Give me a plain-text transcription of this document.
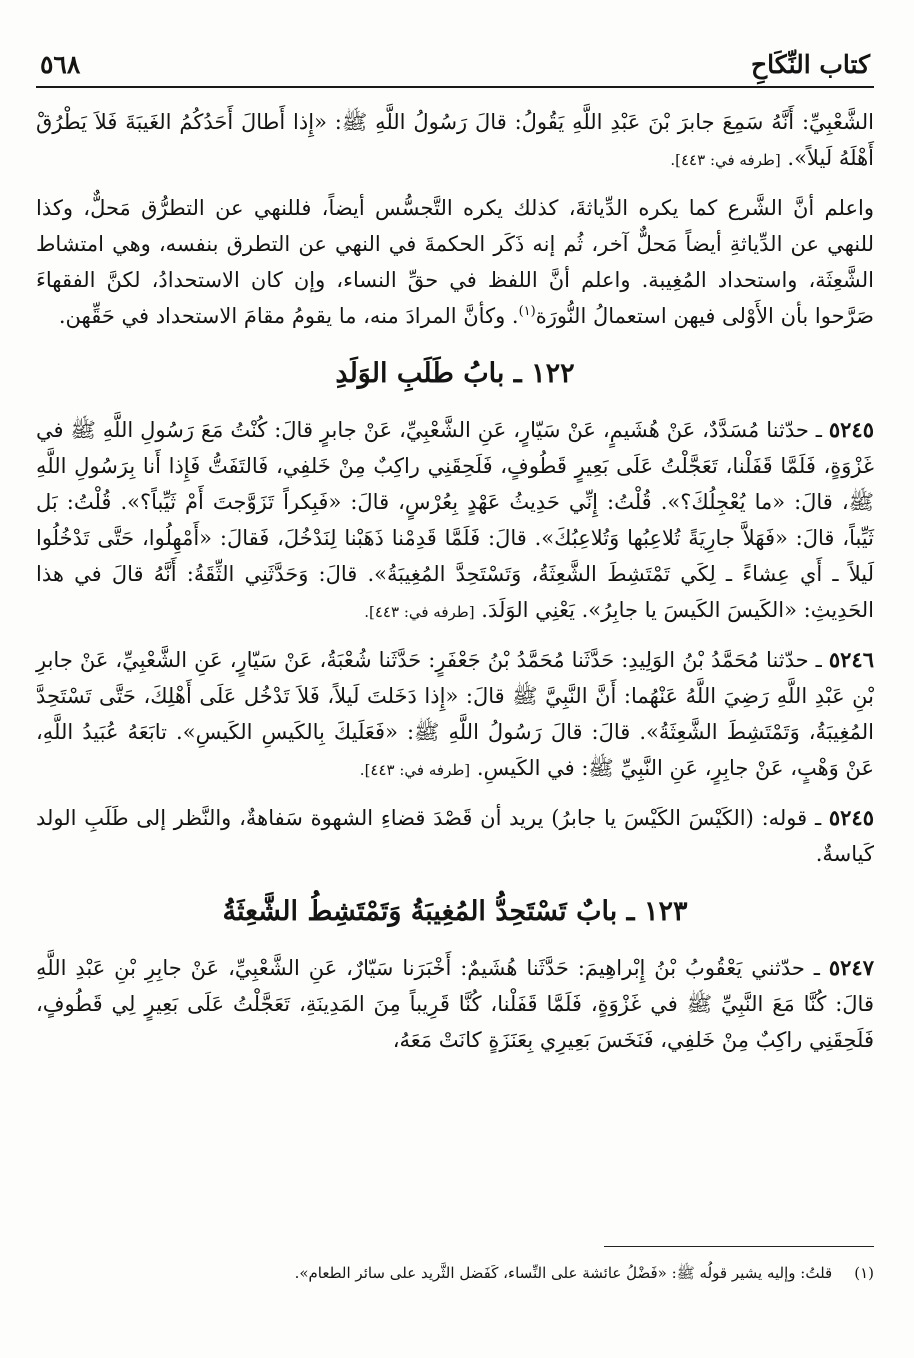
كتاب النِّكَاحِ
٥٦٨

الشَّعْبِيِّ: أَنَّهُ سَمِعَ جابرَ بْنَ عَبْدِ اللَّهِ يَقُولُ: قالَ رَسُولُ اللَّهِ ﷺ: «إِذا أَطالَ أَحَدُكُمُ الغَيبَةَ فَلاَ يَطْرُقْ أَهْلَهُ لَيلاً». [طرفه في: ٤٤٣].

واعلم أنَّ الشَّرع كما يكره الدِّياثةَ، كذلك يكره التَّجسُّس أيضاً، فللنهي عن التطرُّق مَحلٌّ، وكذا للنهي عن الدِّياثةِ أيضاً مَحلٌّ آخر، ثُم إنه ذَكَر الحكمةَ في النهي عن التطرق بنفسه، وهي امتشاط الشَّعِثَة، واستحداد المُغِيبة. واعلم أنَّ اللفظ في حقِّ النساء، وإن كان الاستحدادُ، لكنَّ الفقهاءَ صَرَّحوا بأن الأَوْلى فيهن استعمالُ النُّورَة$^{(١)}$. وكأنَّ المرادَ منه، ما يقومُ مقامَ الاستحداد في حَقِّهن.

١٢٢ ـ بابُ طَلَبِ الوَلَدِ

٥٢٤٥ ـ حدّثنا مُسَدَّدٌ، عَنْ هُشَيمٍ، عَنْ سَيّارٍ، عَنِ الشَّعْبِيِّ، عَنْ جابرٍ قالَ: كُنْتُ مَعَ رَسُولِ اللَّهِ ﷺ في غَزْوَةٍ، فَلَمَّا قَفَلْنا، تَعَجَّلْتُ عَلَى بَعِيرٍ قَطُوفٍ، فَلَحِقَنِي راكِبٌ مِنْ خَلفِي، فَالتَفَتُّ فَإِذا أَنا بِرَسُولِ اللَّهِ ﷺ، قالَ: «ما يُعْجِلُكَ؟». قُلْتُ: إِنِّي حَدِيثُ عَهْدٍ بِعُرْسٍ، قالَ: «فَبِكراً تَزَوَّجتَ أَمْ ثَيِّباً؟». قُلْتُ: بَل ثَيِّباً، قالَ: «فَهَلاَّ جارِيَةً تُلاعِبُها وَتُلاعِبُكَ». قالَ: فَلَمَّا قَدِمْنا ذَهَبْنا لِنَدْخُلَ، فَقالَ: «أَمْهِلُوا، حَتَّى تَدْخُلُوا لَيلاً ـ أَي عِشاءً ـ لِكَي تَمْتَشِطَ الشَّعِثَةُ، وَتَسْتَحِدَّ المُغِيبَةُ». قالَ: وَحَدَّثَنِي الثِّقَةُ: أَنَّهُ قالَ في هذا الحَدِيثِ: «الكَيسَ الكَيسَ يا جابِرُ». يَعْنِي الوَلَدَ. [طرفه في: ٤٤٣].

٥٢٤٦ ـ حدّثنا مُحَمَّدُ بْنُ الوَلِيدِ: حَدَّثَنا مُحَمَّدُ بْنُ جَعْفَرٍ: حَدَّثَنا شُعْبَةُ، عَنْ سَيّارٍ، عَنِ الشَّعْبِيِّ، عَنْ جابرِ بْنِ عَبْدِ اللَّهِ رَضِيَ اللَّهُ عَنْهُما: أَنَّ النَّبِيَّ ﷺ قالَ: «إِذا دَخَلتَ لَيلاً، فَلاَ تَدْخُل عَلَى أَهْلِكَ، حَتَّى تَسْتَحِدَّ المُغِيبَةُ، وَتَمْتَشِطَ الشَّعِثَةُ». قالَ: قالَ رَسُولُ اللَّهِ ﷺ: «فَعَلَيكَ بِالكَيسِ الكَيسِ». تابَعَهُ عُبَيدُ اللَّهِ، عَنْ وَهْبٍ، عَنْ جابِرٍ، عَنِ النَّبِيِّ ﷺ: في الكَيسِ. [طرفه في: ٤٤٣].

٥٢٤٥ ـ قوله: (الكَيْسَ الكَيْسَ يا جابرُ) يريد أن قَصْدَ قضاءِ الشهوة سَفاهةٌ، والنَّظر إلى طَلَبِ الولد كَياسةٌ.

١٢٣ ـ بابٌ تَسْتَحِدُّ المُغِيبَةُ وَتَمْتَشِطُ الشَّعِثَةُ

٥٢٤٧ ـ حدّثني يَعْقُوبُ بْنُ إِبْراهِيمَ: حَدَّثَنا هُشَيمٌ: أَخْبَرَنا سَيّارٌ، عَنِ الشَّعْبِيِّ، عَنْ جابِرِ بْنِ عَبْدِ اللَّهِ قالَ: كُنَّا مَعَ النَّبِيِّ ﷺ في غَزْوَةٍ، فَلَمَّا قَفَلْنا، كُنَّا قَرِيباً مِنَ المَدِينَةِ، تَعَجَّلْتُ عَلَى بَعِيرٍ لِي قَطُوفٍ، فَلَحِقَنِي راكِبٌ مِنْ خَلفِي، فَنَخَسَ بَعِيرِي بِعَنَزَةٍ كانَتْ مَعَهُ،

(١)
قلتُ: وإليه يشير قولُه ﷺ: «فَضْلُ عائشة على النِّساء، كَفَضل الثَّريد على سائر الطعام».
